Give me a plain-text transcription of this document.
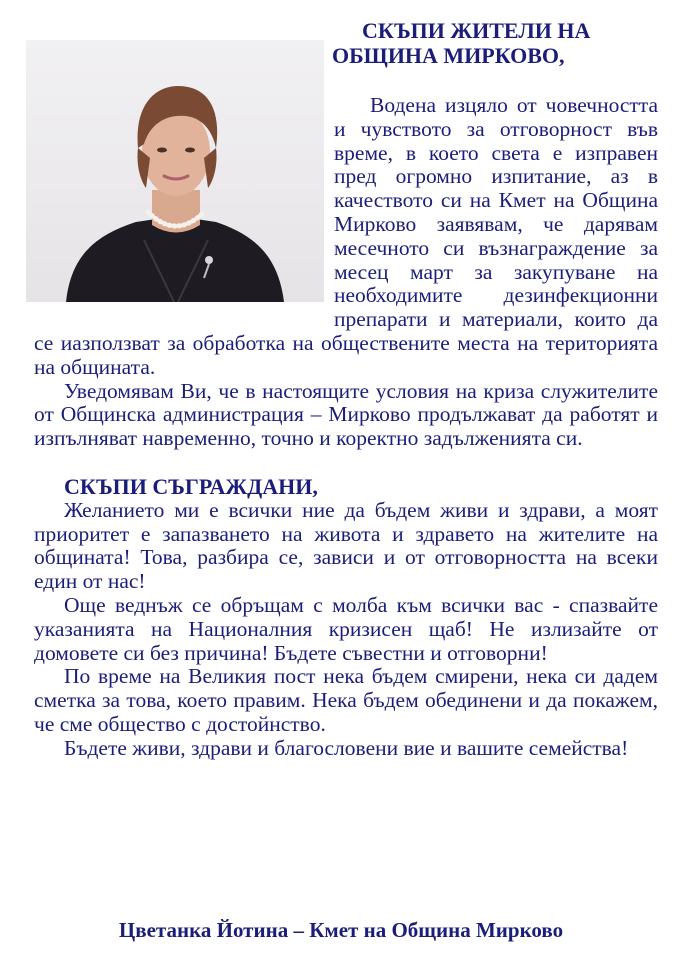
СКЪПИ ЖИТЕЛИ НА ОБЩИНА МИРКОВО,

Водена изцяло от човечността и чувството за отговорност във време, в което света е изправен пред огромно изпитание, аз в качеството си на Кмет на Община Мирково заявявам, че дарявам месечното си възнаграждение за месец март за закупуване на необходимите дезинфекционни препарати и материали, които да се иазползват за обработка на обществените места на територията на общината.

Уведомявам Ви, че в настоящите условия на криза служителите от Общинска администрация – Мирково продължават да работят и изпълняват навременно, точно и коректно задълженията си.

СКЪПИ СЪГРАЖДАНИ,

Желанието ми е всички ние да бъдем живи и здрави, а моят приоритет е запазването на живота и здравето на жителите на общината! Това, разбира се, зависи и от отговорността на всеки един от нас!

Още веднъж се обръщам с молба към всички вас - спазвайте указанията на Националния кризисен щаб! Не излизайте от домовете си без причина! Бъдете съвестни и отговорни!

По време на Великия пост нека бъдем смирени, нека си дадем сметка за това, което правим. Нека бъдем обединени и да покажем, че сме общество с достойнство.

Бъдете живи, здрави и благословени вие и вашите семейства!

Цветанка Йотина – Кмет на Община Мирково
